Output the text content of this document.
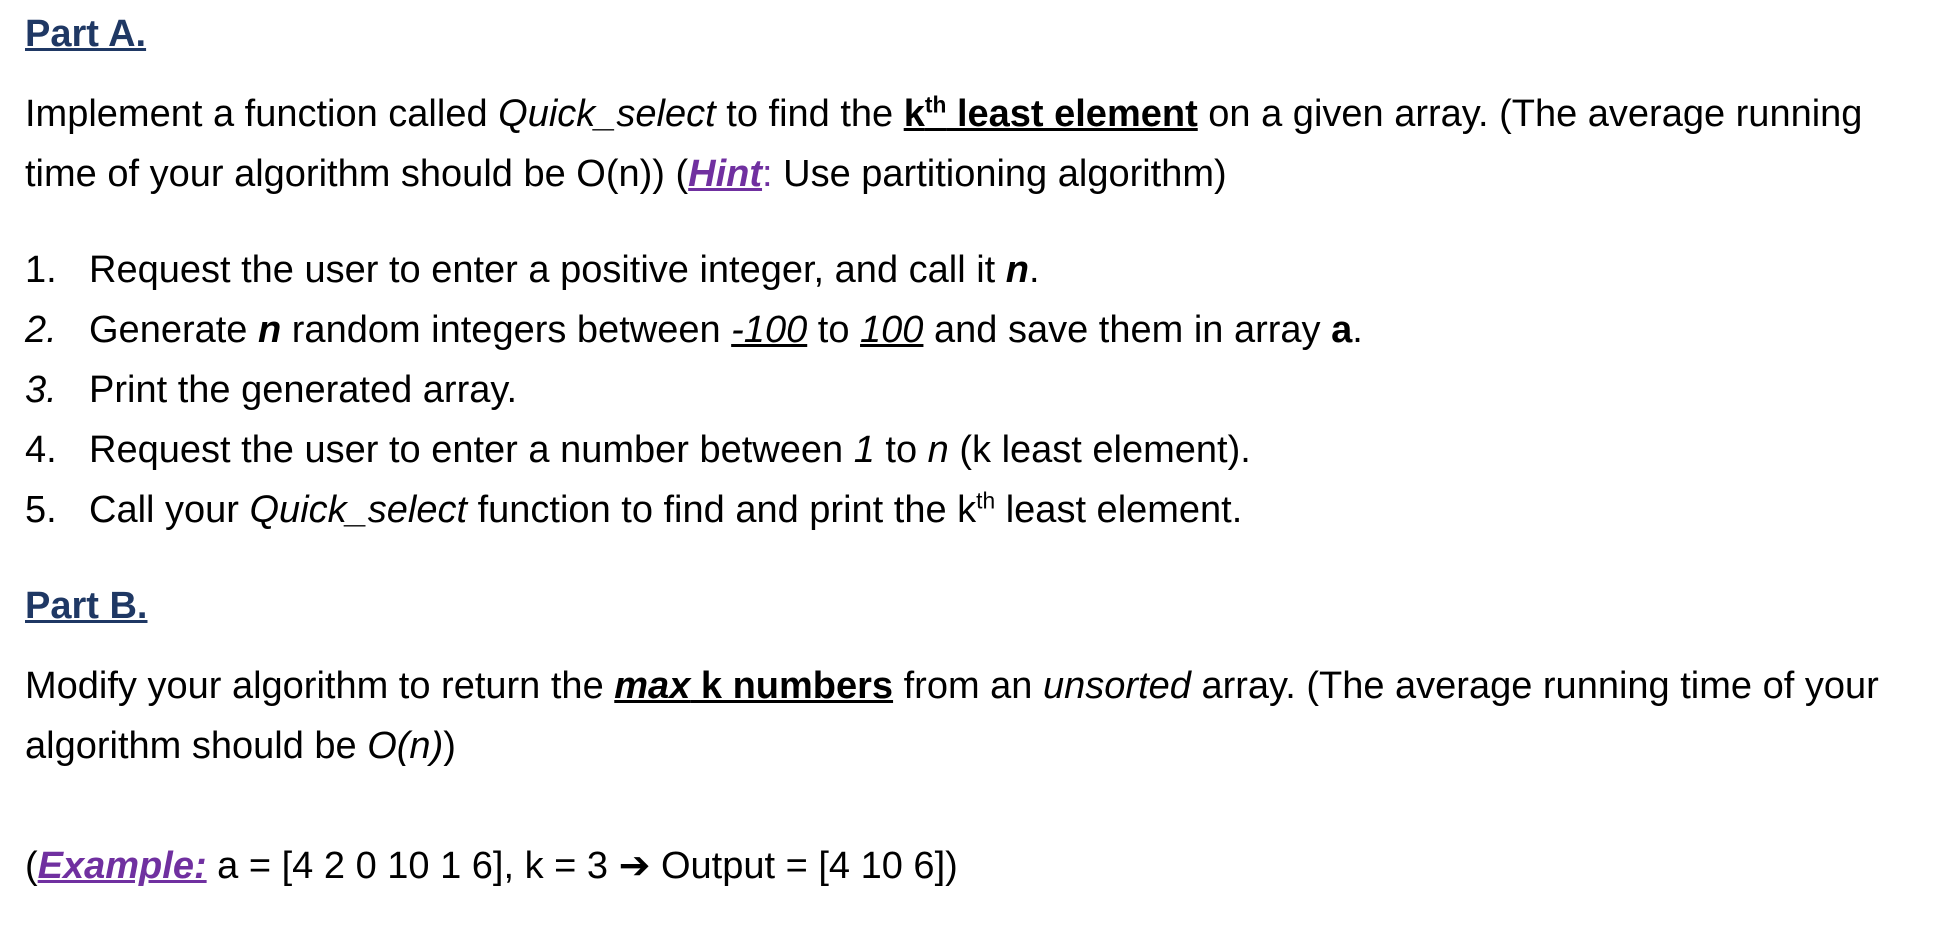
Part A.

Implement a function called Quick_select to find the $k^{th}$ least element on a given array. (The average running time of your algorithm should be O(n)) (Hint: Use partitioning algorithm)

1. Request the user to enter a positive integer, and call it n.
2. Generate n random integers between -100 to 100 and save them in array a.
3. Print the generated array.
4. Request the user to enter a number between 1 to n (k least element).
5. Call your Quick_select function to find and print the $k^{th}$ least element.

Part B.

Modify your algorithm to return the max k numbers from an unsorted array. (The average running time of your algorithm should be O(n))

(Example: a = [4 2 0 10 1 6], k = 3 ➔ Output = [4 10 6])
